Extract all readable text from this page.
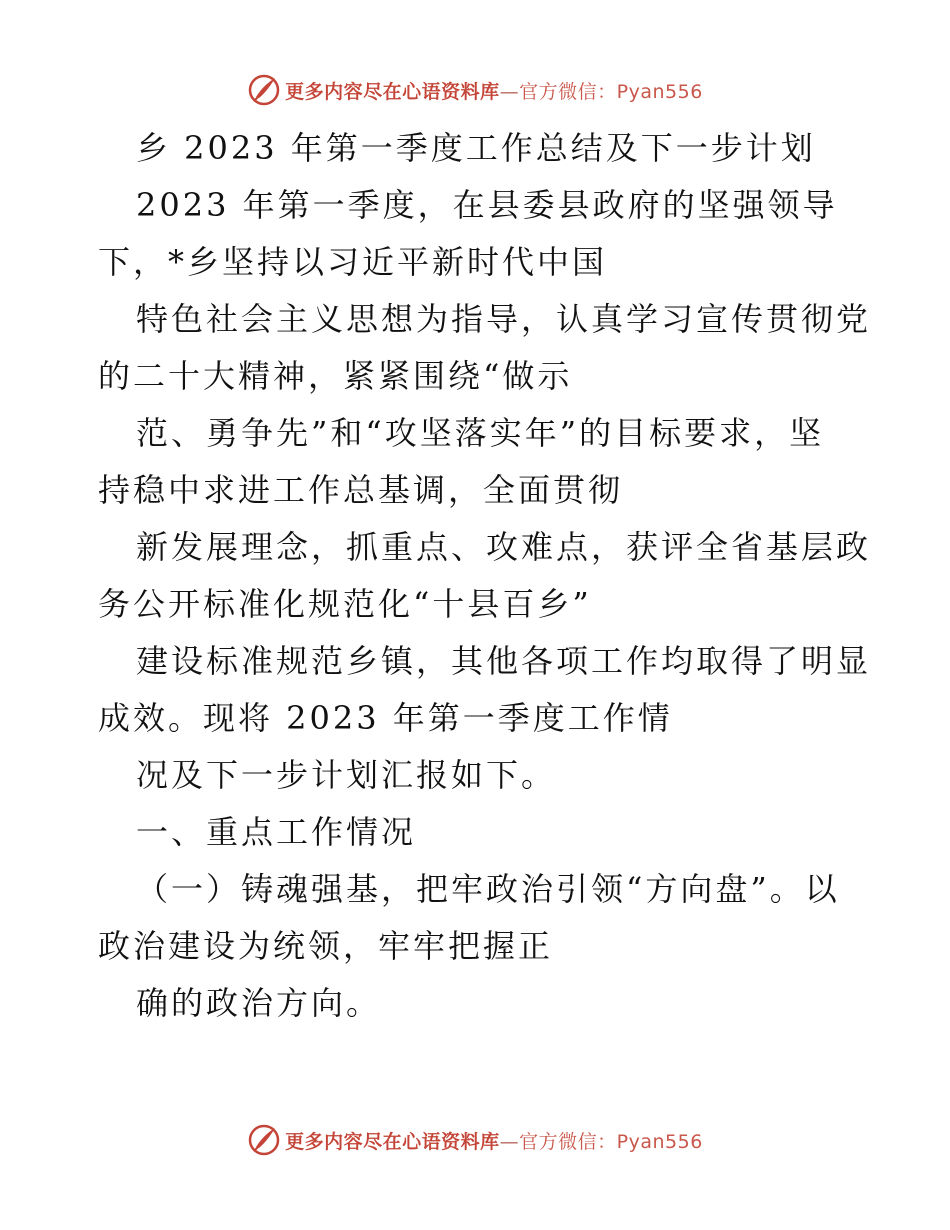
更多内容尽在心语资料库—官方微信：Pyan556
乡 2023 年第一季度工作总结及下一步计划
2023 年第一季度，在县委县政府的坚强领导
下，*乡坚持以习近平新时代中国
特色社会主义思想为指导，认真学习宣传贯彻党
的二十大精神，紧紧围绕“做示
范、勇争先”和“攻坚落实年”的目标要求，坚
持稳中求进工作总基调，全面贯彻
新发展理念，抓重点、攻难点，获评全省基层政
务公开标准化规范化“十县百乡”
建设标准规范乡镇，其他各项工作均取得了明显
成效。现将 2023 年第一季度工作情
况及下一步计划汇报如下。
一、重点工作情况
（一）铸魂强基，把牢政治引领“方向盘”。以
政治建设为统领，牢牢把握正
确的政治方向。
更多内容尽在心语资料库—官方微信：Pyan556
